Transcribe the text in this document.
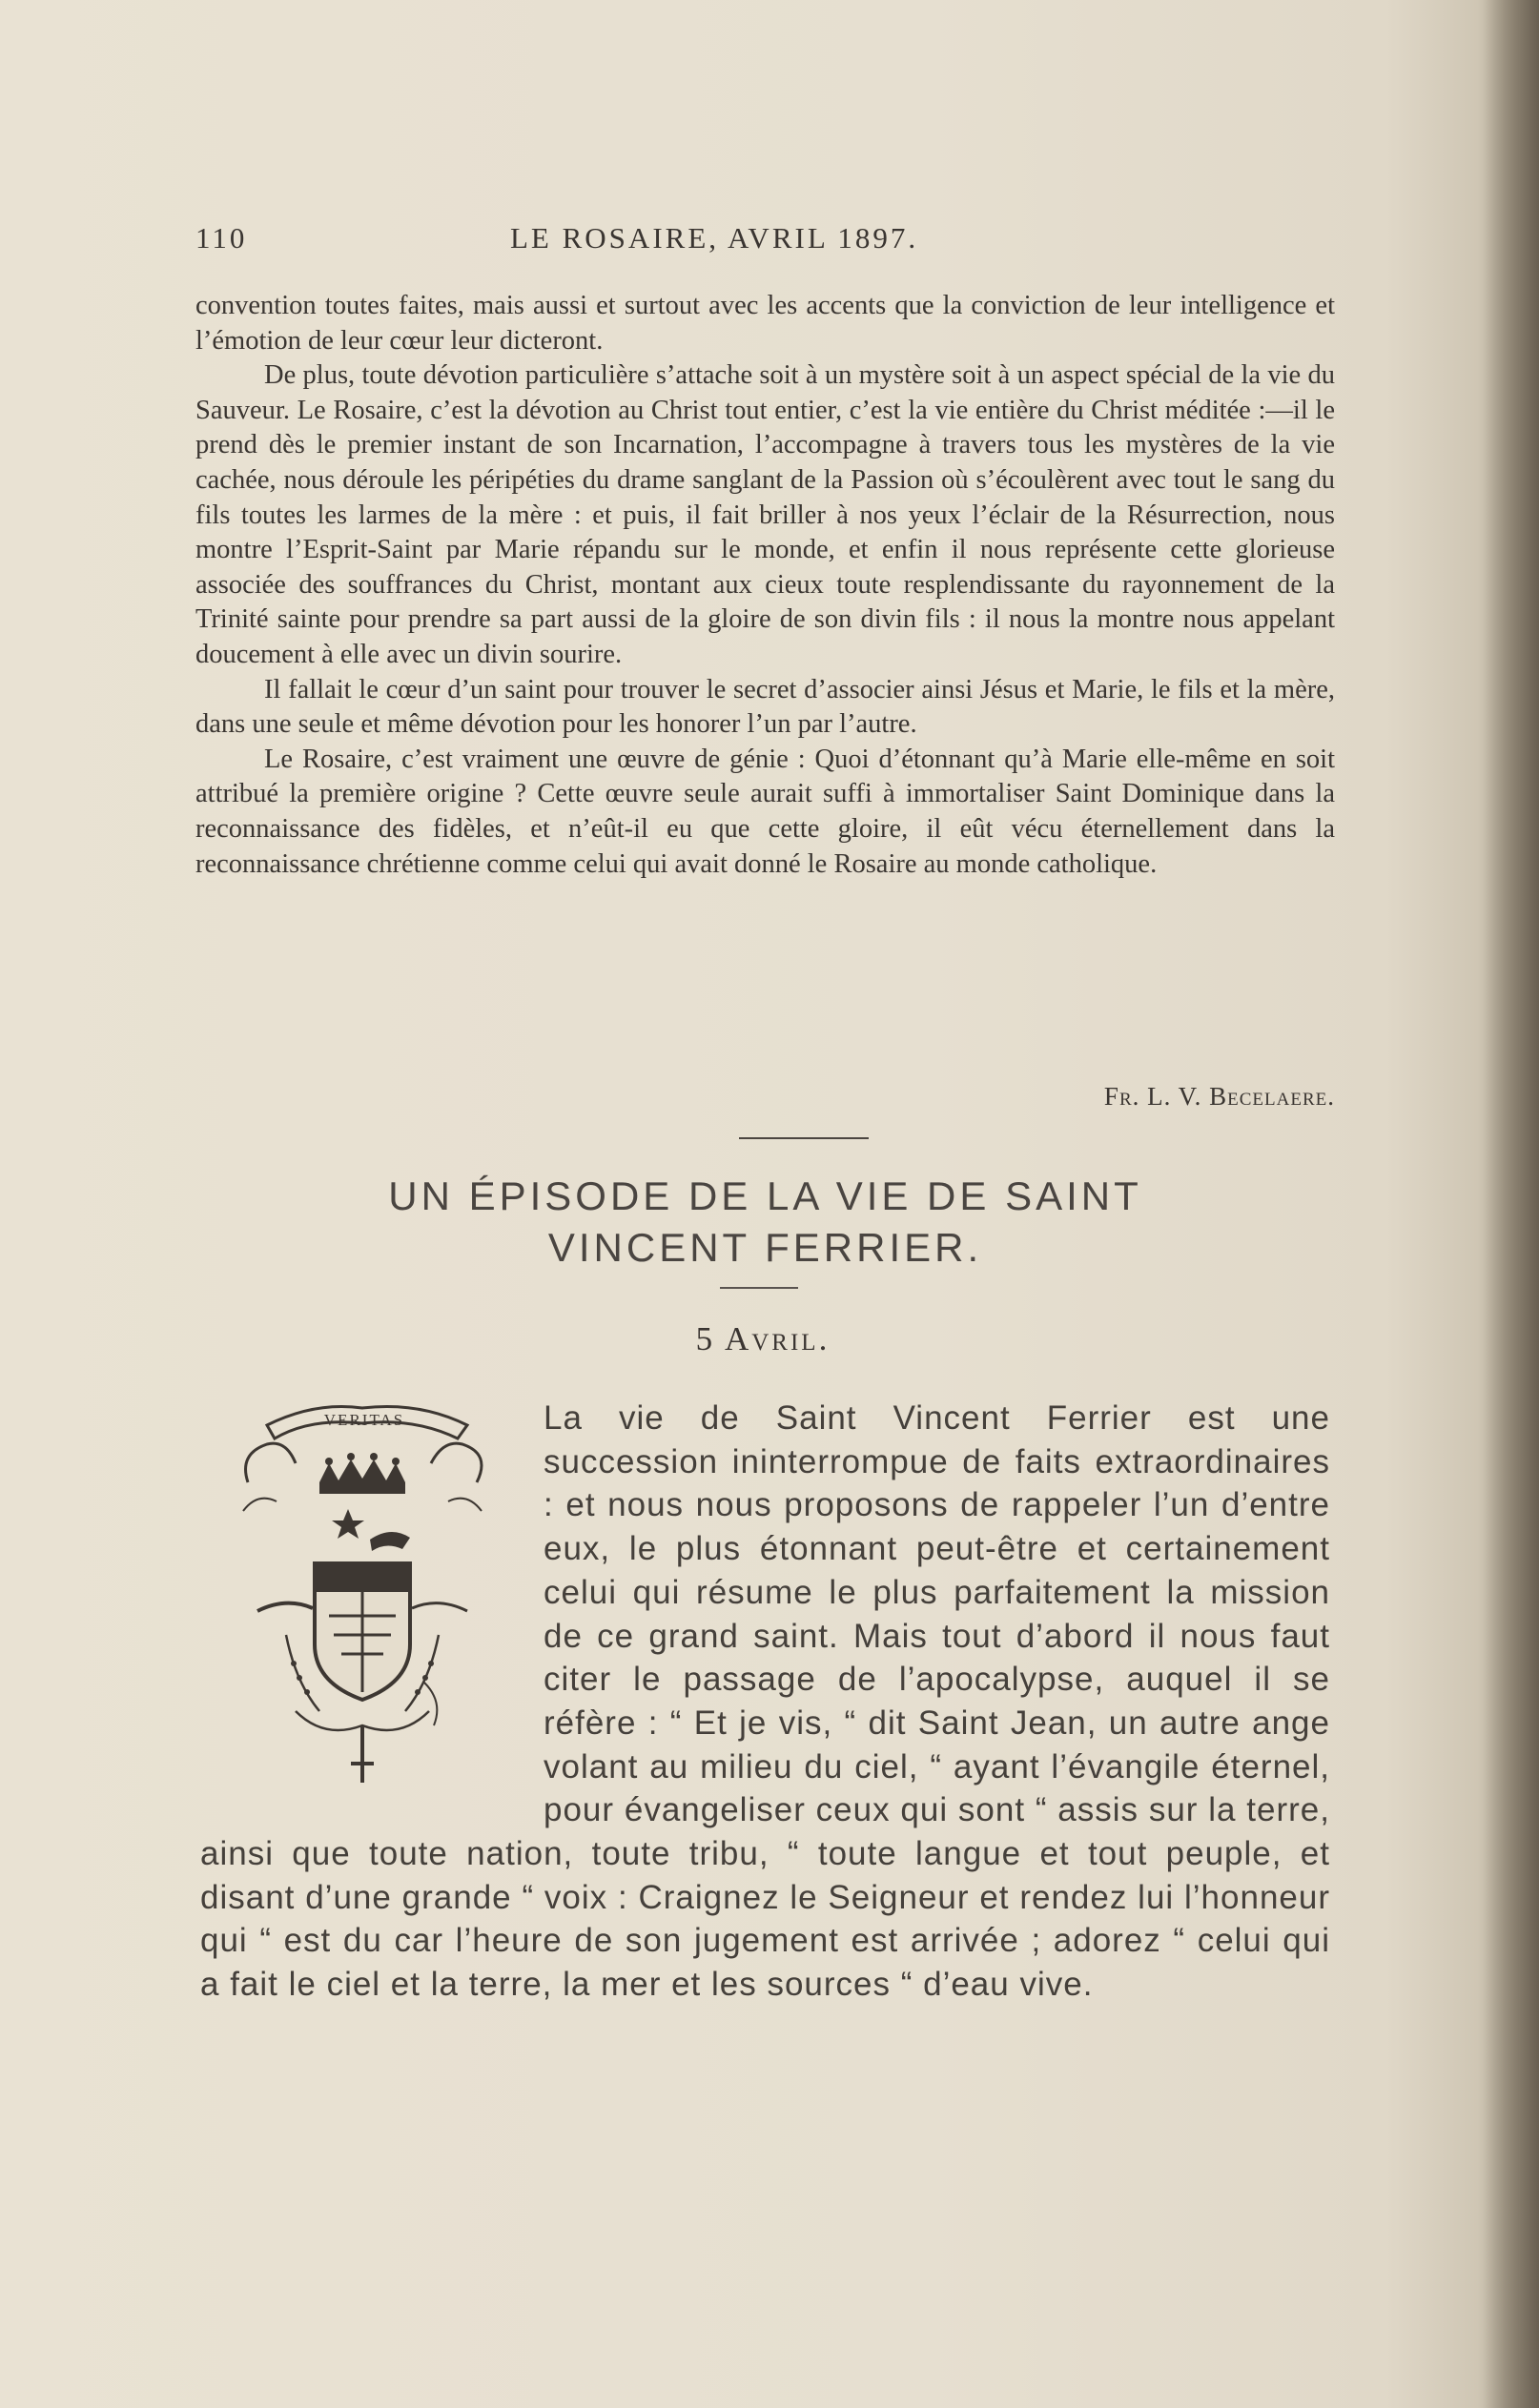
110	LE ROSAIRE, AVRIL 1897.

convention toutes faites, mais aussi et surtout avec les accents que la conviction de leur intelligence et l’émotion de leur cœur leur dicteront.

De plus, toute dévotion particulière s’attache soit à un mystère soit à un aspect spécial de la vie du Sauveur. Le Rosaire, c’est la dévotion au Christ tout entier, c’est la vie entière du Christ méditée :—il le prend dès le premier instant de son Incarnation, l’accompagne à travers tous les mystères de la vie cachée, nous déroule les péripéties du drame sanglant de la Passion où s’écoulèrent avec tout le sang du fils toutes les larmes de la mère : et puis, il fait briller à nos yeux l’éclair de la Résurrection, nous montre l’Esprit-Saint par Marie répandu sur le monde, et enfin il nous représente cette glorieuse associée des souffrances du Christ, montant aux cieux toute resplendissante du rayonnement de la Trinité sainte pour prendre sa part aussi de la gloire de son divin fils : il nous la montre nous appelant doucement à elle avec un divin sourire.

Il fallait le cœur d’un saint pour trouver le secret d’associer ainsi Jésus et Marie, le fils et la mère, dans une seule et même dévotion pour les honorer l’un par l’autre.

Le Rosaire, c’est vraiment une œuvre de génie : Quoi d’étonnant qu’à Marie elle-même en soit attribué la première origine ? Cette œuvre seule aurait suffi à immortaliser Saint Dominique dans la reconnaissance des fidèles, et n’eût-il eu que cette gloire, il eût vécu éternellement dans la reconnaissance chrétienne comme celui qui avait donné le Rosaire au monde catholique.

Fr. L. V. Becelaere.
UN ÉPISODE DE LA VIE DE SAINT
VINCENT FERRIER.
5 Avril.

La vie de Saint Vincent Ferrier est une succession ininterrompue de faits extraordinaires : et nous nous proposons de rappeler l’un d’entre eux, le plus étonnant peut-être et certainement celui qui résume le plus parfaitement la mission de ce grand saint. Mais tout d’abord il nous faut citer le passage de l’apocalypse, auquel il se réfère : “ Et je vis, “ dit Saint Jean, un autre ange volant au milieu du ciel, “ ayant l’évangile éternel, pour évangeliser ceux qui sont “ assis sur la terre, ainsi que toute nation, toute tribu, “ toute langue et tout peuple, et disant d’une grande “ voix : Craignez le Seigneur et rendez lui l’honneur qui “ est du car l’heure de son jugement est arrivée ; adorez “ celui qui a fait le ciel et la terre, la mer et les sources “ d’eau vive.

VERITAS
